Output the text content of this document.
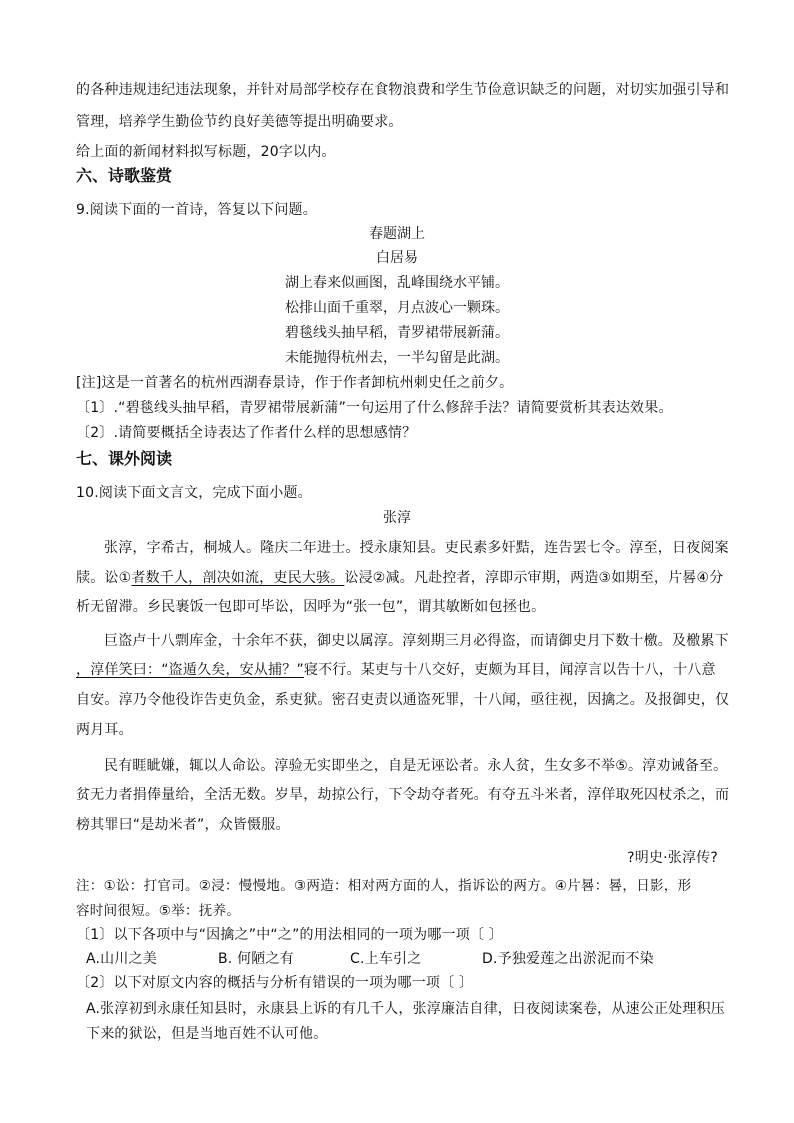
的各种违规违纪违法现象，并针对局部学校存在食物浪费和学生节俭意识缺乏的问题，对切实加强引导和
管理，培养学生勤俭节约良好美德等提出明确要求。
给上面的新闻材料拟写标题，20字以内。
六、诗歌鉴赏
9.阅读下面的一首诗，答复以下问题。
春题湖上
白居易
湖上春来似画图，乱峰围绕水平铺。
松排山面千重翠，月点波心一颗珠。
碧毯线头抽早稻，青罗裙带展新蒲。
未能抛得杭州去，一半勾留是此湖。
[注]这是一首著名的杭州西湖春景诗，作于作者卸杭州刺史任之前夕。
〔1〕.“碧毯线头抽早稻，青罗裙带展新蒲”一句运用了什么修辞手法？请简要赏析其表达效果。
〔2〕.请简要概括全诗表达了作者什么样的思想感情？
七、课外阅读
10.阅读下面文言文，完成下面小题。
张淳
张淳，字希古，桐城人。隆庆二年进士。授永康知县。吏民素多奸黠，连告罢七令。淳至，日夜阅案
牍。讼①者数千人，剖决如流，吏民大骇。讼浸②减。凡赴控者，淳即示审期，两造③如期至，片晷④分
析无留滞。乡民裹饭一包即可毕讼，因呼为“张一包”，谓其敏断如包拯也。
巨盗卢十八剽库金，十余年不获，御史以属淳。淳刻期三月必得盗，而请御史月下数十檄。及檄累下
，淳佯笑曰：“盗遁久矣，安从捕？”寝不行。某吏与十八交好，吏颇为耳目，闻淳言以告十八，十八意
自安。淳乃令他役诈告吏负金，系吏狱。密召吏责以通盗死罪，十八闻，亟往视，因擒之。及报御史，仅
两月耳。
民有睚眦嫌，辄以人命讼。淳验无实即坐之，自是无诬讼者。永人贫，生女多不举⑤。淳劝诫备至。
贫无力者捐俸量给，全活无数。岁旱，劫掠公行，下令劫夺者死。有夺五斗米者，淳佯取死囚杖杀之，而
榜其罪曰“是劫米者”，众皆慑服。
?明史·张淳传?
注：①讼：打官司。②浸：慢慢地。③两造：相对两方面的人，指诉讼的两方。④片晷：晷，日影，形
容时间很短。⑤举：抚养。
〔1〕以下各项中与“因擒之”中“之”的用法相同的一项为哪一项〔 〕
A.山川之美	B. 何陋之有	C.上车引之	D.予独爱莲之出淤泥而不染
〔2〕以下对原文内容的概括与分析有错误的一项为哪一项〔 〕
A.张淳初到永康任知县时，永康县上诉的有几千人，张淳廉洁自律，日夜阅读案卷，从速公正处理积压
下来的狱讼，但是当地百姓不认可他。
